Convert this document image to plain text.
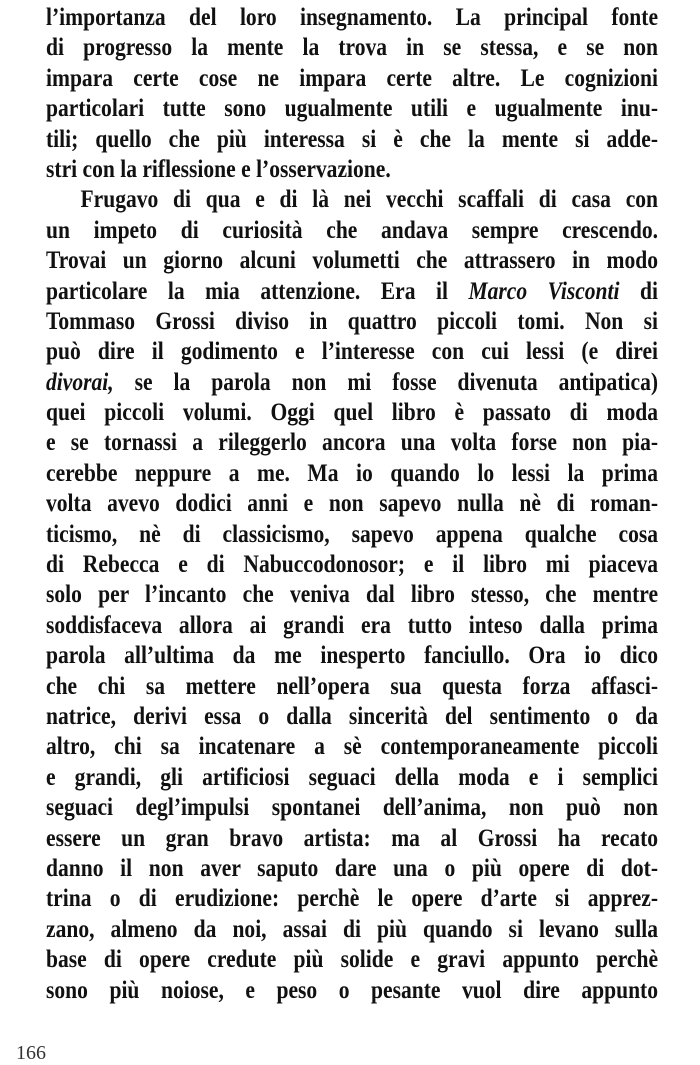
l’importanza del loro insegnamento. La principal fonte
di progresso la mente la trova in se stessa, e se non
impara certe cose ne impara certe altre. Le cognizioni
particolari tutte sono ugualmente utili e ugualmente inu-
tili; quello che più interessa si è che la mente si adde-
stri con la riflessione e l’osservazione.
Frugavo di qua e di là nei vecchi scaffali di casa con
un impeto di curiosità che andava sempre crescendo.
Trovai un giorno alcuni volumetti che attrassero in modo
particolare la mia attenzione. Era il Marco Visconti di
Tommaso Grossi diviso in quattro piccoli tomi. Non si
può dire il godimento e l’interesse con cui lessi (e direi
divorai, se la parola non mi fosse divenuta antipatica)
quei piccoli volumi. Oggi quel libro è passato di moda
e se tornassi a rileggerlo ancora una volta forse non pia-
cerebbe neppure a me. Ma io quando lo lessi la prima
volta avevo dodici anni e non sapevo nulla nè di roman-
ticismo, nè di classicismo, sapevo appena qualche cosa
di Rebecca e di Nabuccodonosor; e il libro mi piaceva
solo per l’incanto che veniva dal libro stesso, che mentre
soddisfaceva allora ai grandi era tutto inteso dalla prima
parola all’ultima da me inesperto fanciullo. Ora io dico
che chi sa mettere nell’opera sua questa forza affasci-
natrice, derivi essa o dalla sincerità del sentimento o da
altro, chi sa incatenare a sè contemporaneamente piccoli
e grandi, gli artificiosi seguaci della moda e i semplici
seguaci degl’impulsi spontanei dell’anima, non può non
essere un gran bravo artista: ma al Grossi ha recato
danno il non aver saputo dare una o più opere di dot-
trina o di erudizione: perchè le opere d’arte si apprez-
zano, almeno da noi, assai di più quando si levano sulla
base di opere credute più solide e gravi appunto perchè
sono più noiose, e peso o pesante vuol dire appunto
166
